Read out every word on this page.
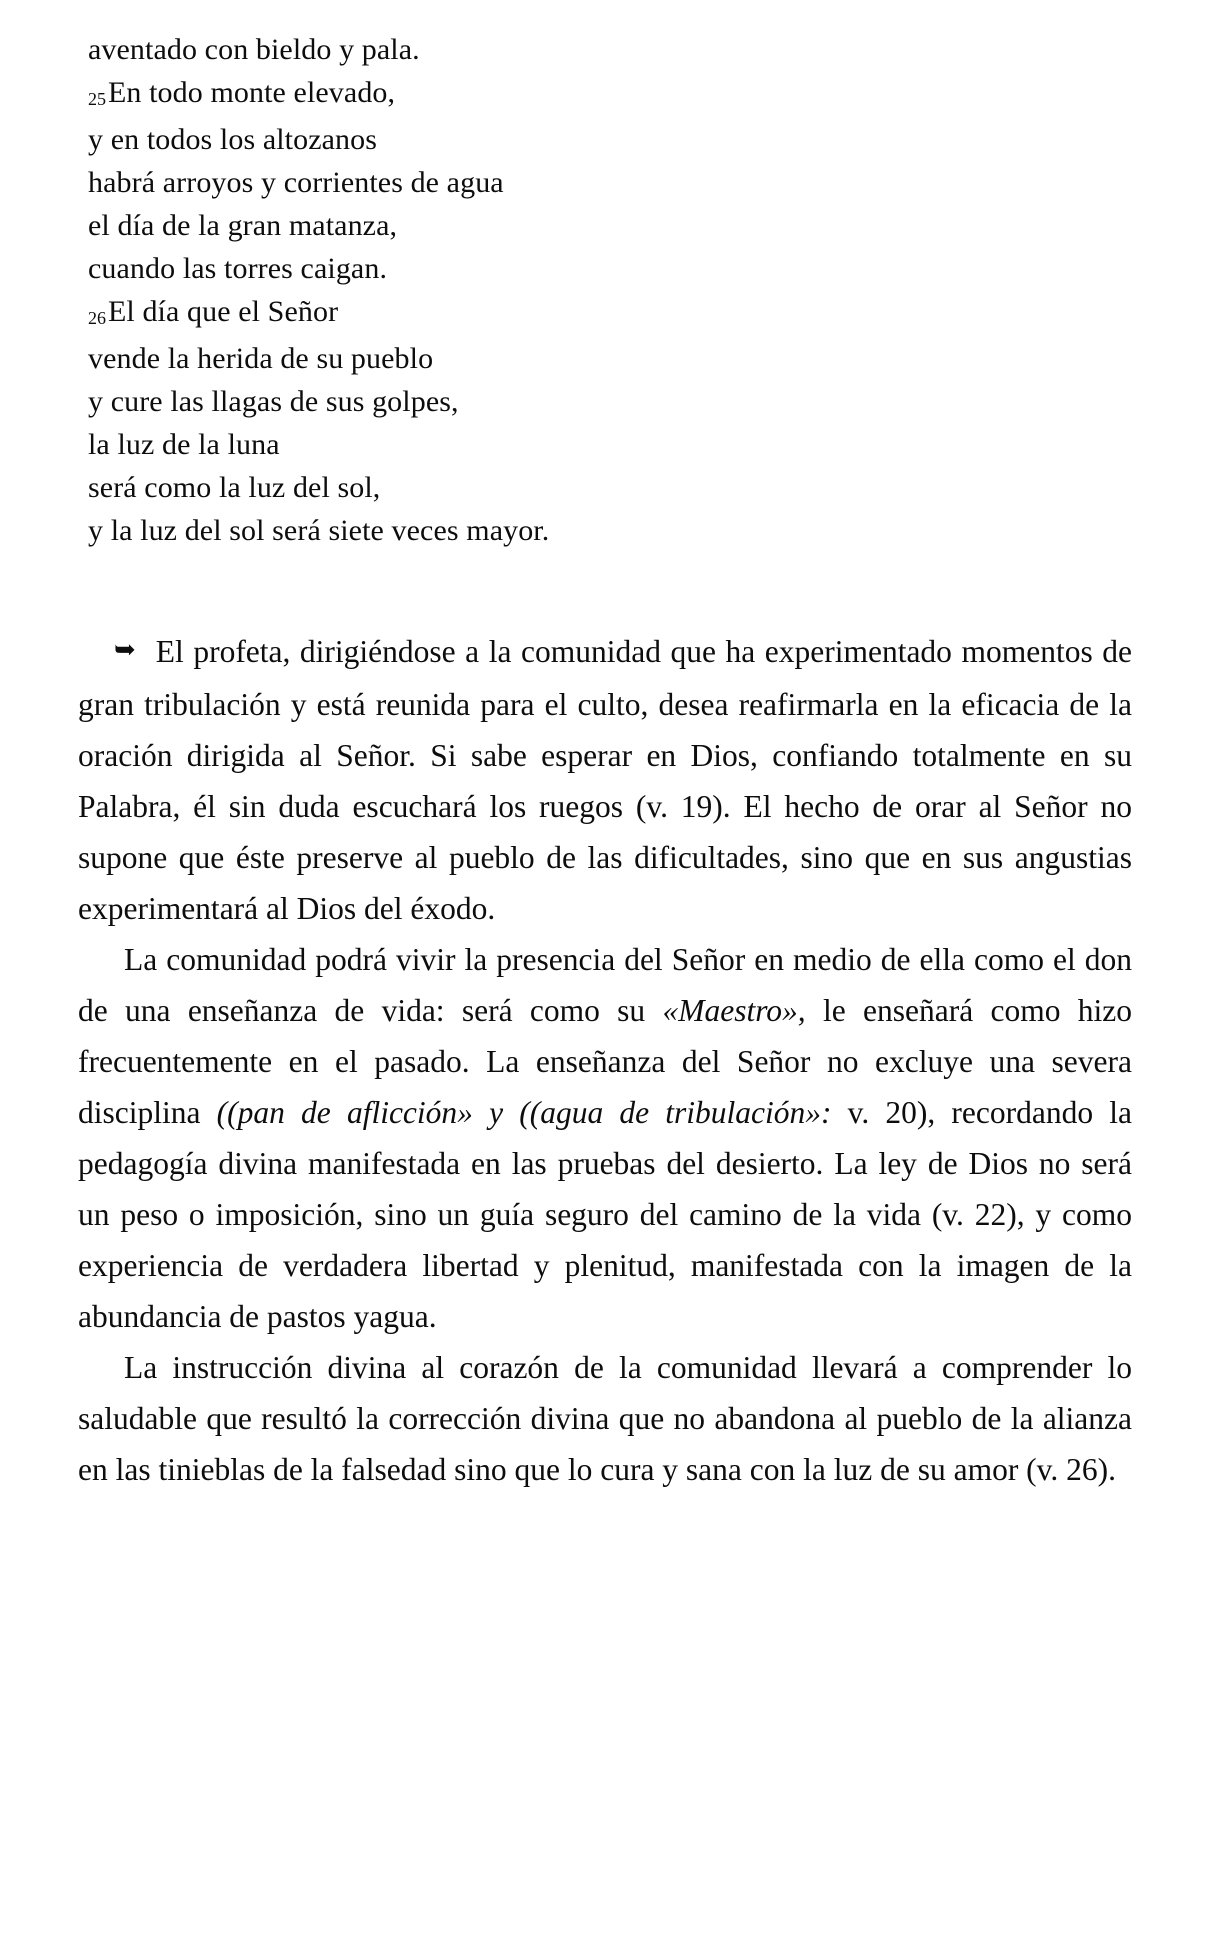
aventado con bieldo y pala.
25En todo monte elevado,
y en todos los altozanos
habrá arroyos y corrientes de agua
el día de la gran matanza,
cuando las torres caigan.
26El día que el Señor
vende la herida de su pueblo
y cure las llagas de sus golpes,
la luz de la luna
será como la luz del sol,
y la luz del sol será siete veces mayor.

➥ El profeta, dirigiéndose a la comunidad que ha experimentado momentos de gran tribulación y está reunida para el culto, desea reafirmarla en la eficacia de la oración dirigida al Señor. Si sabe esperar en Dios, confiando totalmente en su Palabra, él sin duda escuchará los ruegos (v. 19). El hecho de orar al Señor no supone que éste preserve al pueblo de las dificultades, sino que en sus angustias experimentará al Dios del éxodo.

La comunidad podrá vivir la presencia del Señor en medio de ella como el don de una enseñanza de vida: será como su «Maestro», le enseñará como hizo frecuentemente en el pasado. La enseñanza del Señor no excluye una severa disciplina ((pan de aflicción» y ((agua de tribulación»: v. 20), recordando la pedagogía divina manifestada en las pruebas del desierto. La ley de Dios no será un peso o imposición, sino un guía seguro del camino de la vida (v. 22), y como experiencia de verdadera libertad y plenitud, manifestada con la imagen de la abundancia de pastos yagua.

La instrucción divina al corazón de la comunidad llevará a comprender lo saludable que resultó la corrección divina que no abandona al pueblo de la alianza en las tinieblas de la falsedad sino que lo cura y sana con la luz de su amor (v. 26).
